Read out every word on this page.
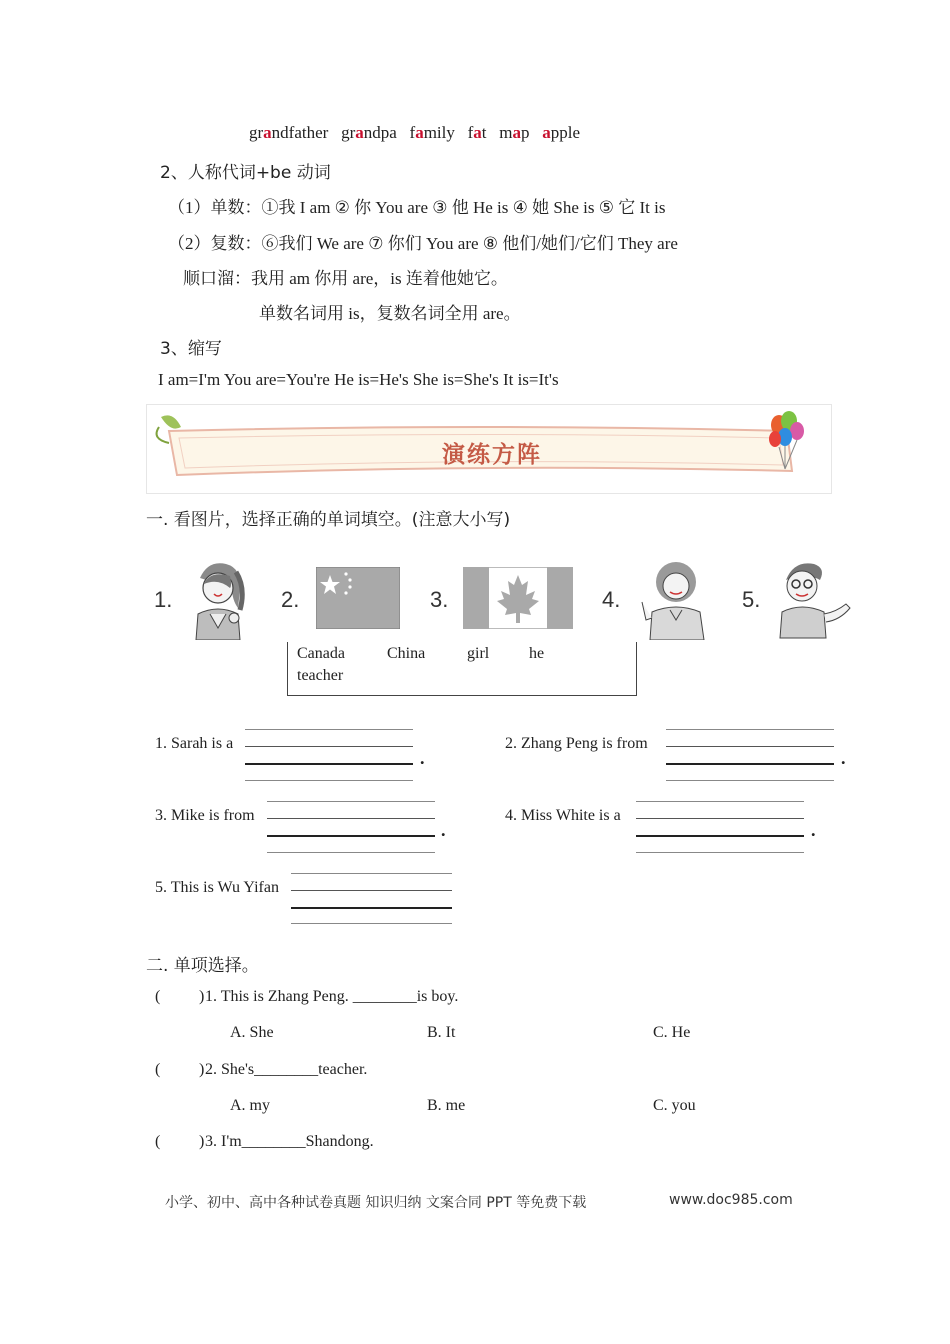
grandfather grandpa family fat map apple
2、人称代词+be 动词
（1）单数：①我 I am ② 你 You are ③ 他 He is ④ 她 She is ⑤ 它 It is
（2）复数：⑥我们 We are ⑦ 你们 You are ⑧ 他们/她们/它们 They are
顺口溜：我用 am 你用 are，is 连着他她它。
单数名词用 is，复数名词全用 are。
3、缩写
I am=I'm You are=You're He is=He's She is=She's It is=It's
演练方阵
一. 看图片，选择正确的单词填空。(注意大小写)
1.	2.	3.	4.	5.
Canada	China	girl he
teacher
1. Sarah is a
.
2. Zhang Peng is from
.
3. Mike is from
.
4. Miss White is a
.
5. This is Wu Yifan
二. 单项选择。
( ) 1. This is Zhang Peng. ________is boy.
A. She	B. It	C. He
( ) 2. She's________teacher.
A. my	B. me	C. you
( ) 3. I'm________Shandong.
小学、初中、高中各种试卷真题 知识归纳 文案合同 PPT 等免费下载	www.doc985.com
